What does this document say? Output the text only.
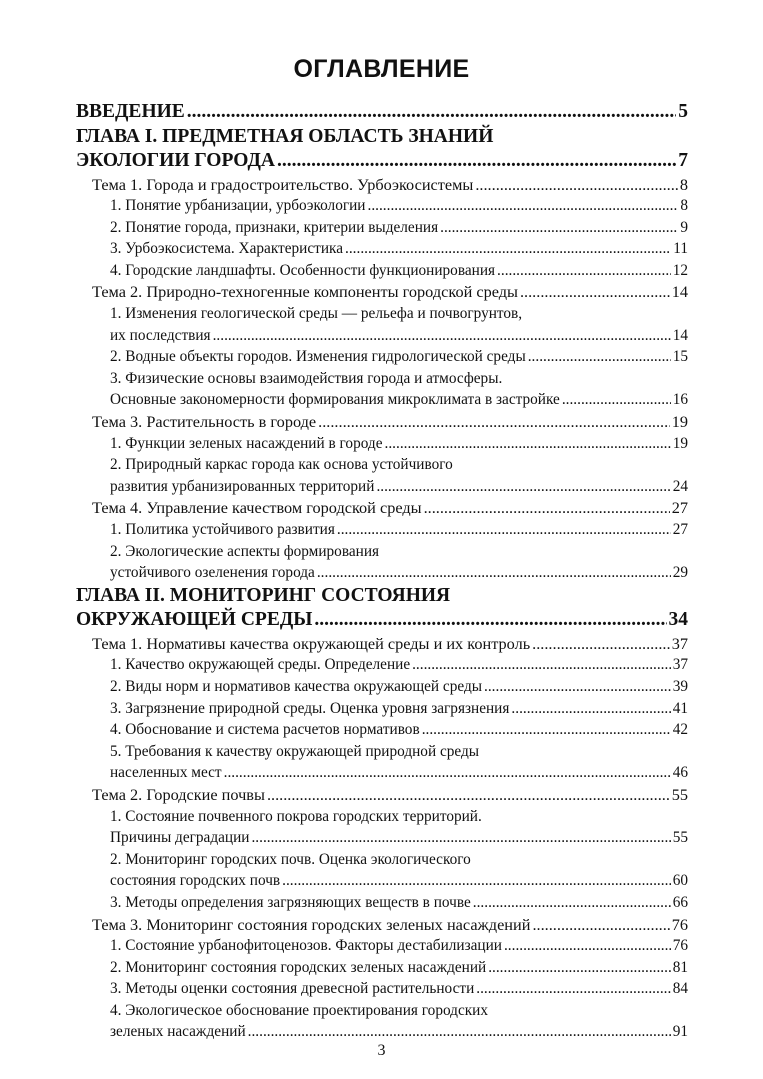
ОГЛАВЛЕНИЕ
ВВЕДЕНИЕ .....	5
ГЛАВА I. ПРЕДМЕТНАЯ ОБЛАСТЬ ЗНАНИЙ
ЭКОЛОГИИ ГОРОДА .....	7
Тема 1. Города и градостроительство. Урбоэкосистемы .....	8
1. Понятие урбанизации, урбоэкологии .....	8
2. Понятие города, признаки, критерии выделения .....	9
3. Урбоэкосистема. Характеристика .....	11
4. Городские ландшафты. Особенности функционирования .....	12
Тема 2. Природно-техногенные компоненты городской среды .....	14
1. Изменения геологической среды — рельефа и почвогрунтов,
их последствия .....	14
2. Водные объекты городов. Изменения гидрологической среды .....	15
3. Физические основы взаимодействия города и атмосферы.
Основные закономерности формирования микроклимата в застройке .....	16
Тема 3. Растительность в городе .....	19
1. Функции зеленых насаждений в городе .....	19
2. Природный каркас города как основа устойчивого
развития урбанизированных территорий .....	24
Тема 4. Управление качеством городской среды .....	27
1. Политика устойчивого развития .....	27
2. Экологические аспекты формирования
устойчивого озеленения города .....	29
ГЛАВА II. МОНИТОРИНГ СОСТОЯНИЯ
ОКРУЖАЮЩЕЙ СРЕДЫ .....	34
Тема 1. Нормативы качества окружающей среды и их контроль .....	37
1. Качество окружающей среды. Определение .....	37
2. Виды норм и нормативов качества окружающей среды .....	39
3. Загрязнение природной среды. Оценка уровня загрязнения .....	41
4. Обоснование и система расчетов нормативов .....	42
5. Требования к качеству окружающей природной среды
населенных мест .....	46
Тема 2. Городские почвы .....	55
1. Состояние почвенного покрова городских территорий.
Причины деградации .....	55
2. Мониторинг городских почв. Оценка экологического
состояния городских почв .....	60
3. Методы определения загрязняющих веществ в почве .....	66
Тема 3. Мониторинг состояния городских зеленых насаждений .....	76
1. Состояние урбанофитоценозов. Факторы дестабилизации .....	76
2. Мониторинг состояния городских зеленых насаждений .....	81
3. Методы оценки состояния древесной растительности .....	84
4. Экологическое обоснование проектирования городских
зеленых насаждений .....	91
3
